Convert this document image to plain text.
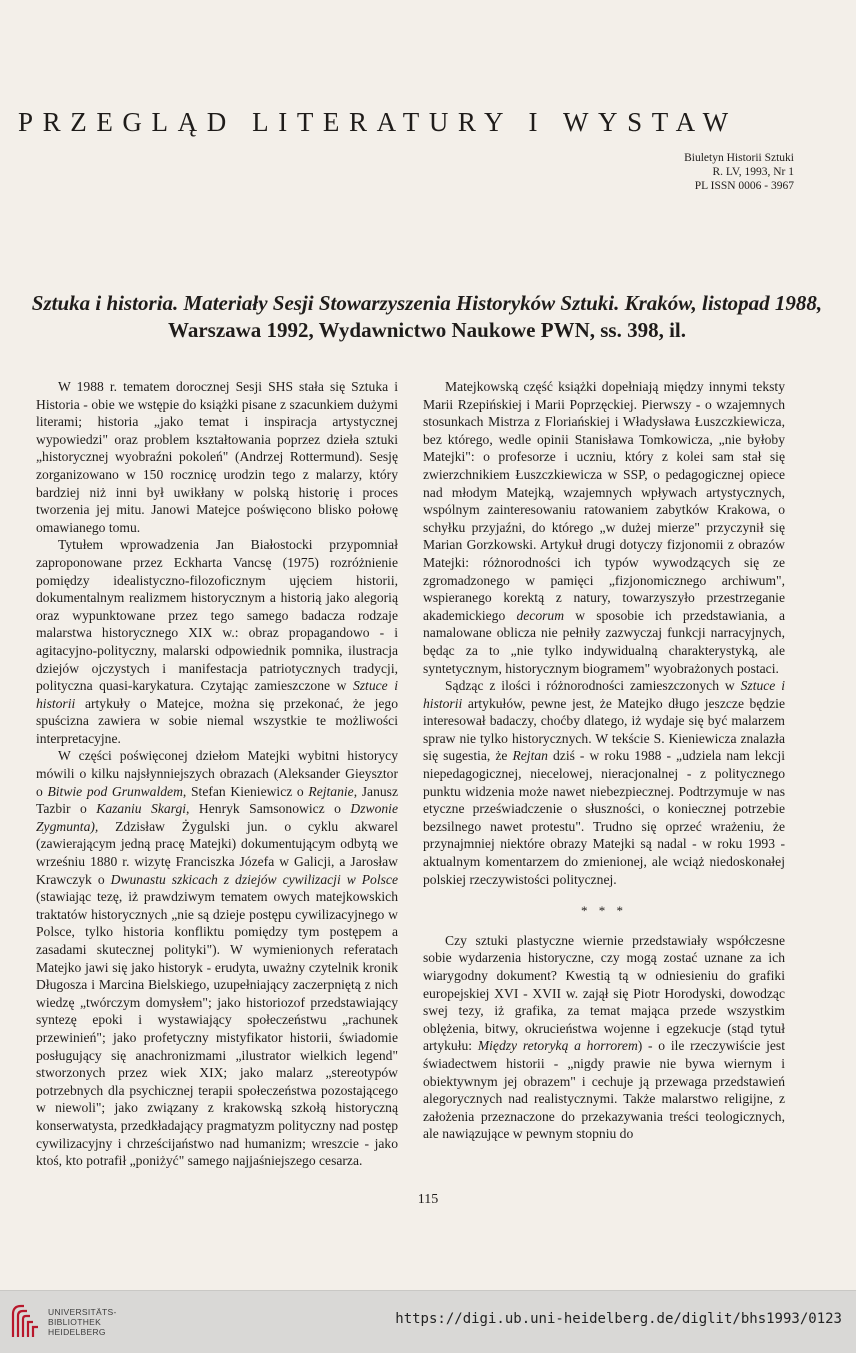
PRZEGLĄD LITERATURY I WYSTAW
Biuletyn Historii Sztuki
R. LV, 1993, Nr 1
PL ISSN 0006 - 3967
Sztuka i historia. Materiały Sesji Stowarzyszenia Historyków Sztuki. Kraków, listopad 1988, Warszawa 1992, Wydawnictwo Naukowe PWN, ss. 398, il.

W 1988 r. tematem dorocznej Sesji SHS stała się Sztuka i Historia - obie we wstępie do książki pisane z szacunkiem dużymi literami; historia „jako temat i inspiracja artystycznej wypowiedzi" oraz problem kształtowania poprzez dzieła sztuki „historycznej wyobraźni pokoleń" (Andrzej Rottermund). Sesję zorganizowano w 150 rocznicę urodzin tego z malarzy, który bardziej niż inni był uwikłany w polską historię i proces tworzenia jej mitu. Janowi Matejce poświęcono blisko połowę omawianego tomu.

Tytułem wprowadzenia Jan Białostocki przypomniał zaproponowane przez Eckharta Vancsę (1975) rozróżnienie pomiędzy idealistyczno-filozoficznym ujęciem historii, dokumentalnym realizmem historycznym a historią jako alegorią oraz wypunktowane przez tego samego badacza rodzaje malarstwa historycznego XIX w.: obraz propagandowo - i agitacyjno-polityczny, malarski odpowiednik pomnika, ilustracja dziejów ojczystych i manifestacja patriotycznych tradycji, polityczna quasi-karykatura. Czytając zamieszczone w Sztuce i historii artykuły o Matejce, można się przekonać, że jego spuścizna zawiera w sobie niemal wszystkie te możliwości interpretacyjne.

W części poświęconej dziełom Matejki wybitni historycy mówili o kilku najsłynniejszych obrazach (Aleksander Gieysztor o Bitwie pod Grunwaldem, Stefan Kieniewicz o Rejtanie, Janusz Tazbir o Kazaniu Skargi, Henryk Samsonowicz o Dzwonie Zygmunta), Zdzisław Żygulski jun. o cyklu akwarel (zawierającym jedną pracę Matejki) dokumentującym odbytą we wrześniu 1880 r. wizytę Franciszka Józefa w Galicji, a Jarosław Krawczyk o Dwunastu szkicach z dziejów cywilizacji w Polsce (stawiając tezę, iż prawdziwym tematem owych matejkowskich traktatów historycznych „nie są dzieje postępu cywilizacyjnego w Polsce, tylko historia konfliktu pomiędzy tym postępem a zasadami skutecznej polityki"). W wymienionych referatach Matejko jawi się jako historyk - erudyta, uważny czytelnik kronik Długosza i Marcina Bielskiego, uzupełniający zaczerpniętą z nich wiedzę „twórczym domysłem"; jako historiozof przedstawiający syntezę epoki i wystawiający społeczeństwu „rachunek przewinień"; jako profetyczny mistyfikator historii, świadomie posługujący się anachronizmami „ilustrator wielkich legend" stworzonych przez wiek XIX; jako malarz „stereotypów potrzebnych dla psychicznej terapii społeczeństwa pozostającego w niewoli"; jako związany z krakowską szkołą historyczną konserwatysta, przedkładający pragmatyzm polityczny nad postęp cywilizacyjny i chrześcijaństwo nad humanizm; wreszcie - jako ktoś, kto potrafił „poniżyć" samego najjaśniejszego cesarza.

Matejkowską część książki dopełniają między innymi teksty Marii Rzepińskiej i Marii Poprzęckiej. Pierwszy - o wzajemnych stosunkach Mistrza z Floriańskiej i Władysława Łuszczkiewicza, bez którego, wedle opinii Stanisława Tomkowicza, „nie byłoby Matejki": o profesorze i uczniu, który z kolei sam stał się zwierzchnikiem Łuszczkiewicza w SSP, o pedagogicznej opiece nad młodym Matejką, wzajemnych wpływach artystycznych, wspólnym zainteresowaniu ratowaniem zabytków Krakowa, o schyłku przyjaźni, do którego „w dużej mierze" przyczynił się Marian Gorzkowski. Artykuł drugi dotyczy fizjonomii z obrazów Matejki: różnorodności ich typów wywodzących się ze zgromadzonego w pamięci „fizjonomicznego archiwum", wspieranego korektą z natury, towarzyszyło przestrzeganie akademickiego decorum w sposobie ich przedstawiania, a namalowane oblicza nie pełniły zazwyczaj funkcji narracyjnych, będąc za to „nie tylko indywidualną charakterystyką, ale syntetycznym, historycznym biogramem" wyobrażonych postaci.

Sądząc z ilości i różnorodności zamieszczonych w Sztuce i historii artykułów, pewne jest, że Matejko długo jeszcze będzie interesował badaczy, choćby dlatego, iż wydaje się być malarzem spraw nie tylko historycznych. W tekście S. Kieniewicza znalazła się sugestia, że Rejtan dziś - w roku 1988 - „udziela nam lekcji niepedagogicznej, niecelowej, nieracjonalnej - z politycznego punktu widzenia może nawet niebezpiecznej. Podtrzymuje w nas etyczne przeświadczenie o słuszności, o koniecznej potrzebie bezsilnego nawet protestu". Trudno się oprzeć wrażeniu, że przynajmniej niektóre obrazy Matejki są nadal - w roku 1993 - aktualnym komentarzem do zmienionej, ale wciąż niedoskonałej polskiej rzeczywistości politycznej.

* * *

Czy sztuki plastyczne wiernie przedstawiały współczesne sobie wydarzenia historyczne, czy mogą zostać uznane za ich wiarygodny dokument? Kwestią tą w odniesieniu do grafiki europejskiej XVI - XVII w. zajął się Piotr Horodyski, dowodząc swej tezy, iż grafika, za temat mająca przede wszystkim oblężenia, bitwy, okrucieństwa wojenne i egzekucje (stąd tytuł artykułu: Między retoryką a horrorem) - o ile rzeczywiście jest świadectwem historii - „nigdy prawie nie bywa wiernym i obiektywnym jej obrazem" i cechuje ją przewaga przedstawień alegorycznych nad realistycznymi. Także malarstwo religijne, z założenia przeznaczone do przekazywania treści teologicznych, ale nawiązujące w pewnym stopniu do

115
UNIVERSITÄTS-
BIBLIOTHEK
HEIDELBERG
https://digi.ub.uni-heidelberg.de/diglit/bhs1993/0123
